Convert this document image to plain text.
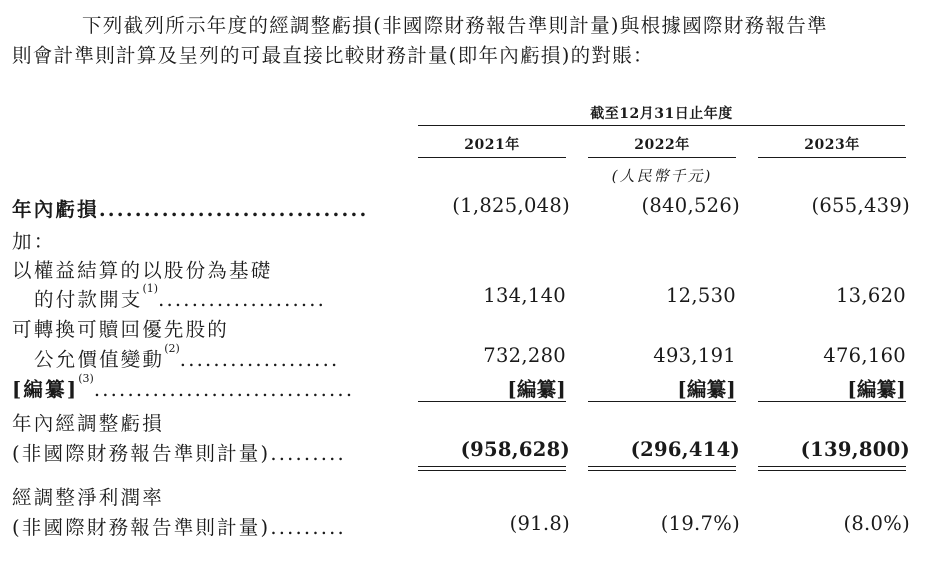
下列截列所示年度的經調整虧損(非國際財務報告準則計量)與根據國際財務報告準
則會計準則計算及呈列的可最直接比較財務計量(即年內虧損)的對賬：
截至12月31日止年度
2021年	2022年	2023年
(人民幣千元)
年內虧損..............................	(1,825,048)	(840,526)	(655,439)
加：
以權益結算的以股份為基礎
的付款開支$^{(1)}$....................	134,140	12,530	13,620
可轉換可贖回優先股的
公允價值變動$^{(2)}$...................	732,280	493,191	476,160
[編纂]$^{(3)}$...............................	[編纂]	[編纂]	[編纂]
年內經調整虧損
(非國際財務報告準則計量).........	(958,628)	(296,414)	(139,800)
經調整淨利潤率
(非國際財務報告準則計量).........	(91.8)	(19.7%)	(8.0%)
